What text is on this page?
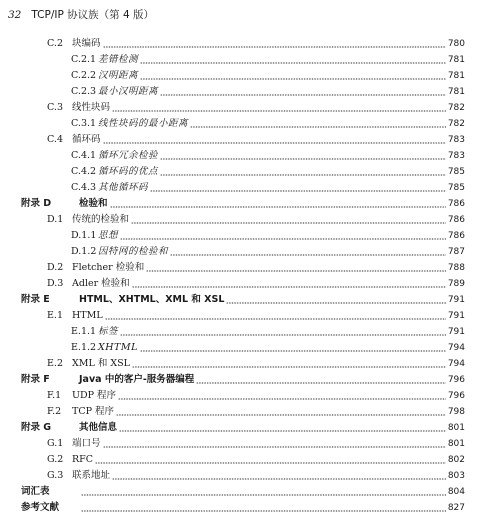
32 TCP/IP 协议族（第 4 版）
C.2 块编码	780
C.2.1 差错检测	781
C.2.2 汉明距离	781
C.2.3 最小汉明距离	781
C.3 线性块码	782
C.3.1 线性块码的最小距离	782
C.4 循环码	783
C.4.1 循环冗余检验	783
C.4.2 循环码的优点	785
C.4.3 其他循环码	785
附录 D	检验和	786
D.1 传统的检验和	786
D.1.1 思想	786
D.1.2 因特网的检验和	787
D.2 Fletcher 检验和	788
D.3 Adler 检验和	789
附录 E	HTML、XHTML、XML 和 XSL	791
E.1 HTML	791
E.1.1 标签	791
E.1.2 XHTML	794
E.2 XML 和 XSL	794
附录 F	Java 中的客户-服务器编程	796
F.1	UDP 程序	796
F.2	TCP 程序	798
附录 G	其他信息	801
G.1 端口号	801
G.2 RFC	802
G.3 联系地址	803
词汇表	804
参考文献	827
